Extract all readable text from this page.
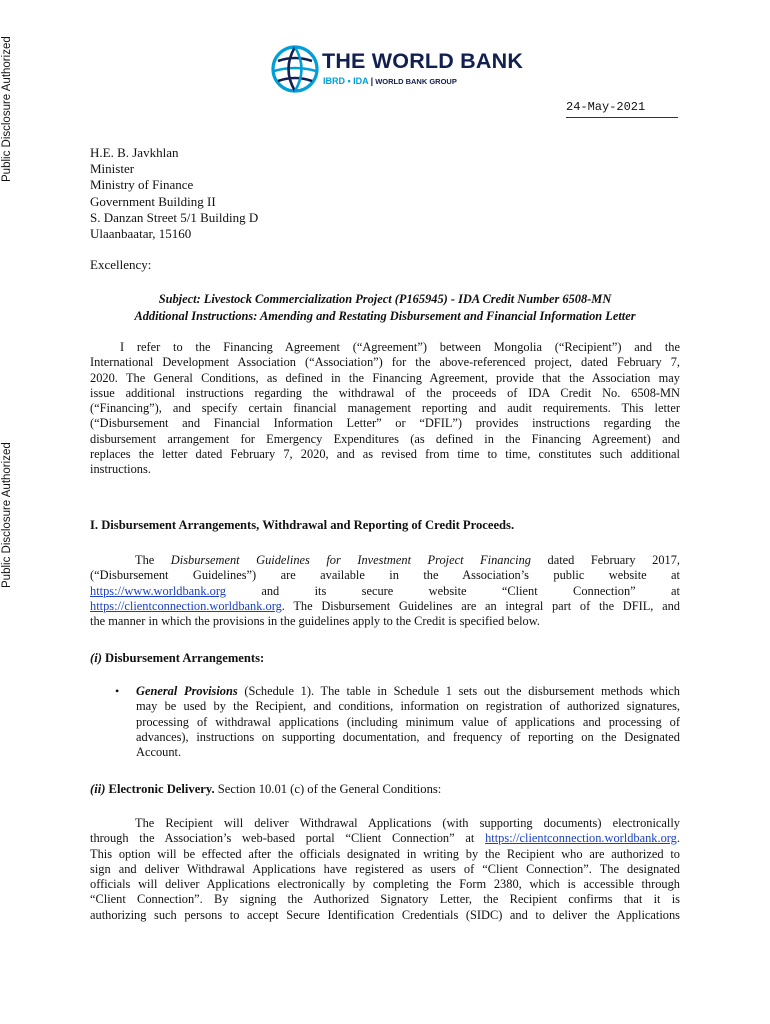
Public Disclosure Authorized
Public Disclosure Authorized
THE WORLD BANK
IBRD • IDA | WORLD BANK GROUP
24-May-2021
H.E. B. Javkhlan
Minister
Ministry of Finance
Government Building II
S. Danzan Street 5/1 Building D
Ulaanbaatar, 15160
Excellency:
Subject: Livestock Commercialization Project (P165945) - IDA Credit Number 6508-MN
Additional Instructions: Amending and Restating Disbursement and Financial Information Letter
I refer to the Financing Agreement (“Agreement”) between Mongolia (“Recipient”) and the
International Development Association (“Association”) for the above-referenced project, dated February 7,
2020. The General Conditions, as defined in the Financing Agreement, provide that the Association may
issue additional instructions regarding the withdrawal of the proceeds of IDA Credit No. 6508-MN
(“Financing”), and specify certain financial management reporting and audit requirements. This letter
(“Disbursement and Financial Information Letter” or “DFIL”) provides instructions regarding the
disbursement arrangement for Emergency Expenditures (as defined in the Financing Agreement) and
replaces the letter dated February 7, 2020, and as revised from time to time, constitutes such additional
instructions.
I. Disbursement Arrangements, Withdrawal and Reporting of Credit Proceeds.
The Disbursement Guidelines for Investment Project Financing dated February 2017,
(“Disbursement Guidelines”) are available in the Association’s public website at
https://www.worldbank.org and its secure website “Client Connection” at
https://clientconnection.worldbank.org. The Disbursement Guidelines are an integral part of the DFIL, and
the manner in which the provisions in the guidelines apply to the Credit is specified below.
(i) Disbursement Arrangements:
• General Provisions (Schedule 1). The table in Schedule 1 sets out the disbursement methods which
may be used by the Recipient, and conditions, information on registration of authorized signatures,
processing of withdrawal applications (including minimum value of applications and processing of
advances), instructions on supporting documentation, and frequency of reporting on the Designated
Account.
(ii) Electronic Delivery. Section 10.01 (c) of the General Conditions:
The Recipient will deliver Withdrawal Applications (with supporting documents) electronically
through the Association’s web-based portal “Client Connection” at https://clientconnection.worldbank.org.
This option will be effected after the officials designated in writing by the Recipient who are authorized to
sign and deliver Withdrawal Applications have registered as users of “Client Connection”. The designated
officials will deliver Applications electronically by completing the Form 2380, which is accessible through
“Client Connection”. By signing the Authorized Signatory Letter, the Recipient confirms that it is
authorizing such persons to accept Secure Identification Credentials (SIDC) and to deliver the Applications
